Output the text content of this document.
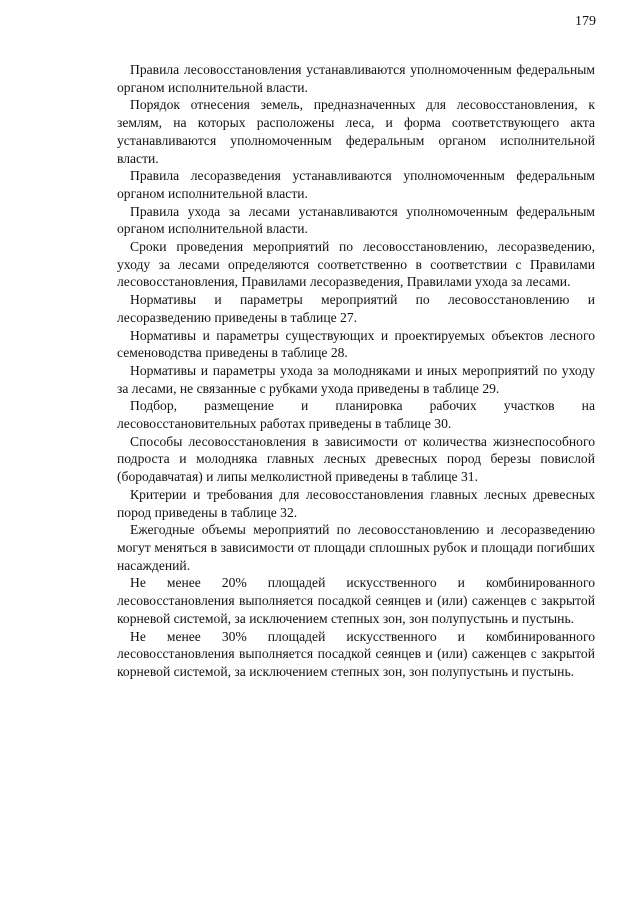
179

Правила лесовосстановления устанавливаются уполномоченным федеральным органом исполнительной власти.

Порядок отнесения земель, предназначенных для лесовосстановления, к землям, на которых расположены леса, и форма соответствующего акта устанавливаются уполномоченным федеральным органом исполнительной власти.

Правила лесоразведения устанавливаются уполномоченным федеральным органом исполнительной власти.

Правила ухода за лесами устанавливаются уполномоченным федеральным органом исполнительной власти.

Сроки проведения мероприятий по лесовосстановлению, лесоразведению, уходу за лесами определяются соответственно в соответствии с Правилами лесовосстановления, Правилами лесоразведения, Правилами ухода за лесами.

Нормативы и параметры мероприятий по лесовосстановлению и лесоразведению приведены в таблице 27.

Нормативы и параметры существующих и проектируемых объектов лесного семеноводства приведены в таблице 28.

Нормативы и параметры ухода за молодняками и иных мероприятий по уходу за лесами, не связанные с рубками ухода приведены в таблице 29.

Подбор, размещение и планировка рабочих участков на лесовосстановительных работах приведены в таблице 30.

Способы лесовосстановления в зависимости от количества жизнеспособного подроста и молодняка главных лесных древесных пород березы повислой (бородавчатая) и липы мелколистной приведены в таблице 31.

Критерии и требования для лесовосстановления главных лесных древесных пород приведены в таблице 32.

Ежегодные объемы мероприятий по лесовосстановлению и лесоразведению могут меняться в зависимости от площади сплошных рубок и площади погибших насаждений.

Не менее 20% площадей искусственного и комбинированного лесовосстановления выполняется посадкой сеянцев и (или) саженцев с закрытой корневой системой, за исключением степных зон, зон полупустынь и пустынь.

Не менее 30% площадей искусственного и комбинированного лесовосстановления выполняется посадкой сеянцев и (или) саженцев с закрытой корневой системой, за исключением степных зон, зон полупустынь и пустынь.
